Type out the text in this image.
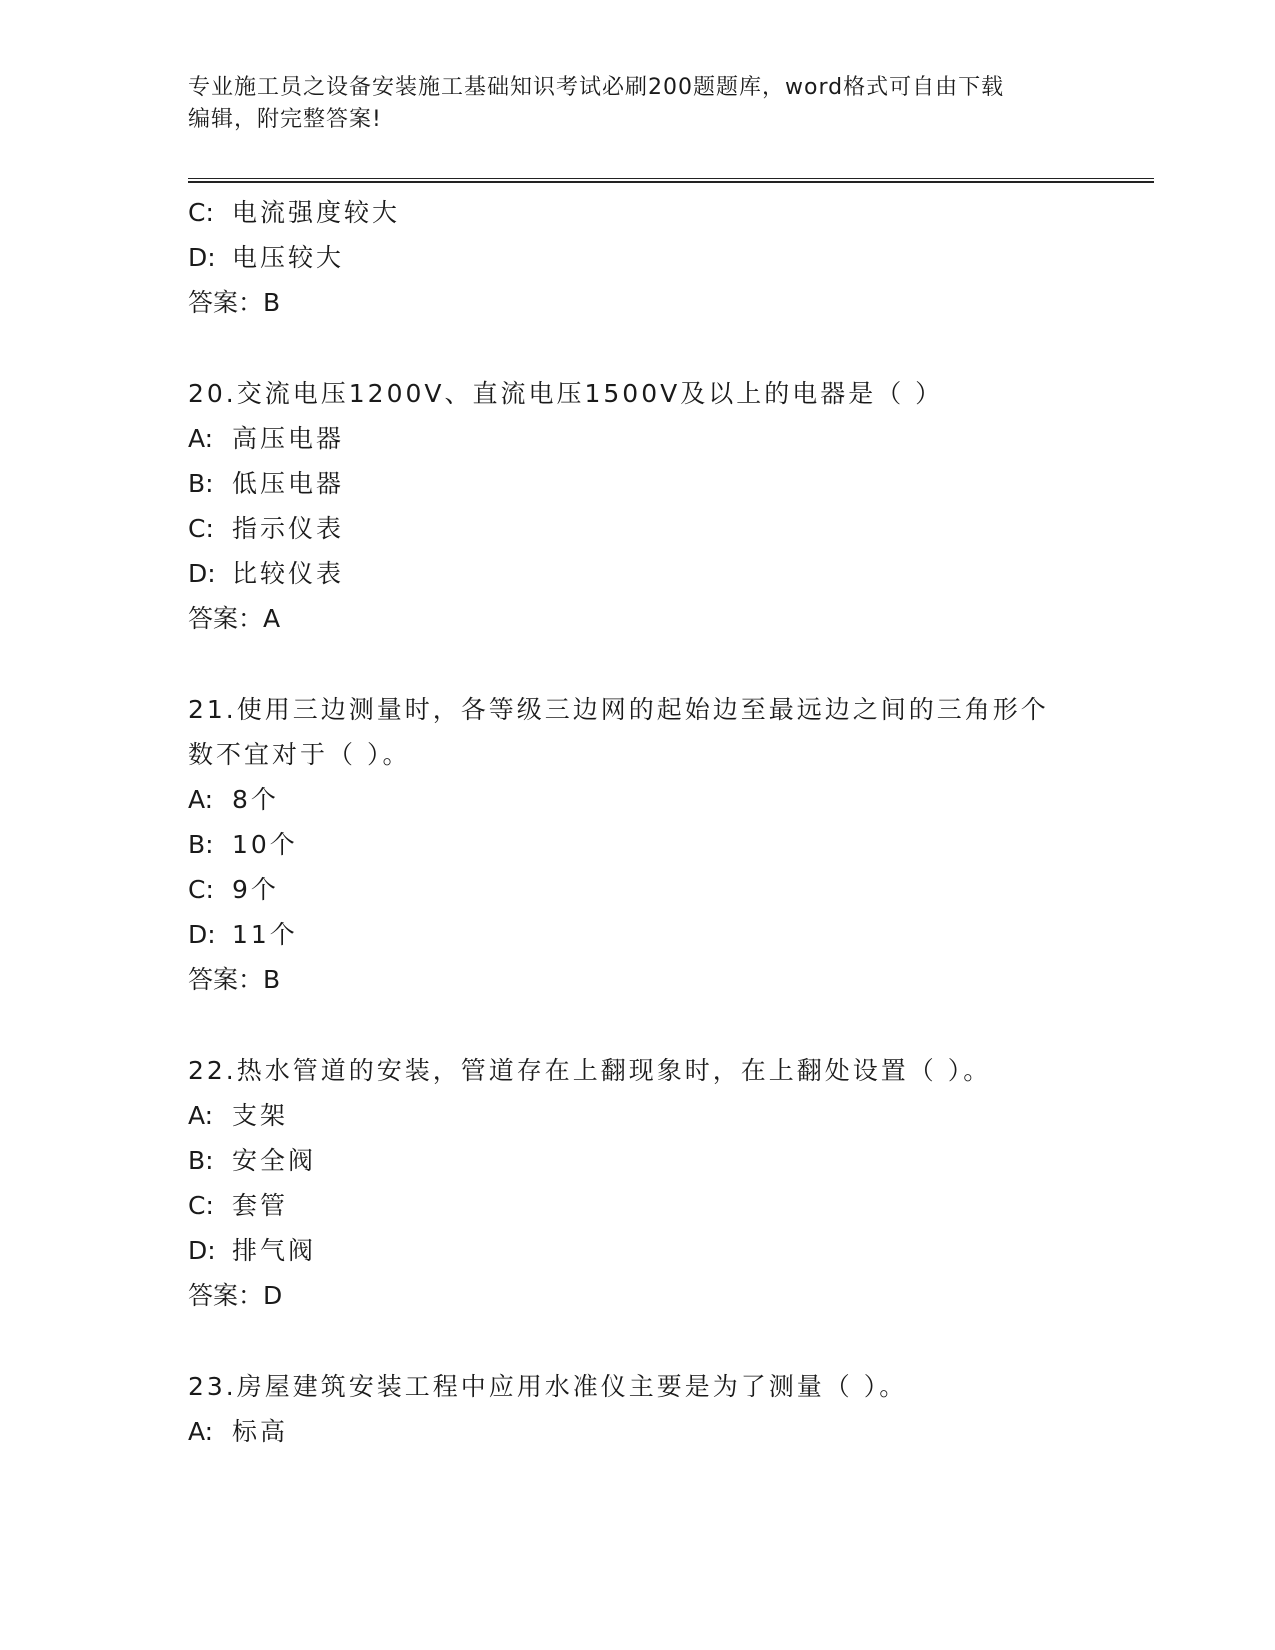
专业施工员之设备安装施工基础知识考试必刷200题题库，word格式可自由下载
编辑，附完整答案!
C: 电流强度较大
D: 电压较大
答案：B
20.交流电压1200V、直流电压1500V及以上的电器是（ ）
A: 高压电器
B: 低压电器
C: 指示仪表
D: 比较仪表
答案：A
21.使用三边测量时，各等级三边网的起始边至最远边之间的三角形个
数不宜对于（ ）。
A: 8个
B: 10个
C: 9个
D: 11个
答案：B
22.热水管道的安装，管道存在上翻现象时，在上翻处设置（ ）。
A: 支架
B: 安全阀
C: 套管
D: 排气阀
答案：D
23.房屋建筑安装工程中应用水准仪主要是为了测量（ ）。
A: 标高
